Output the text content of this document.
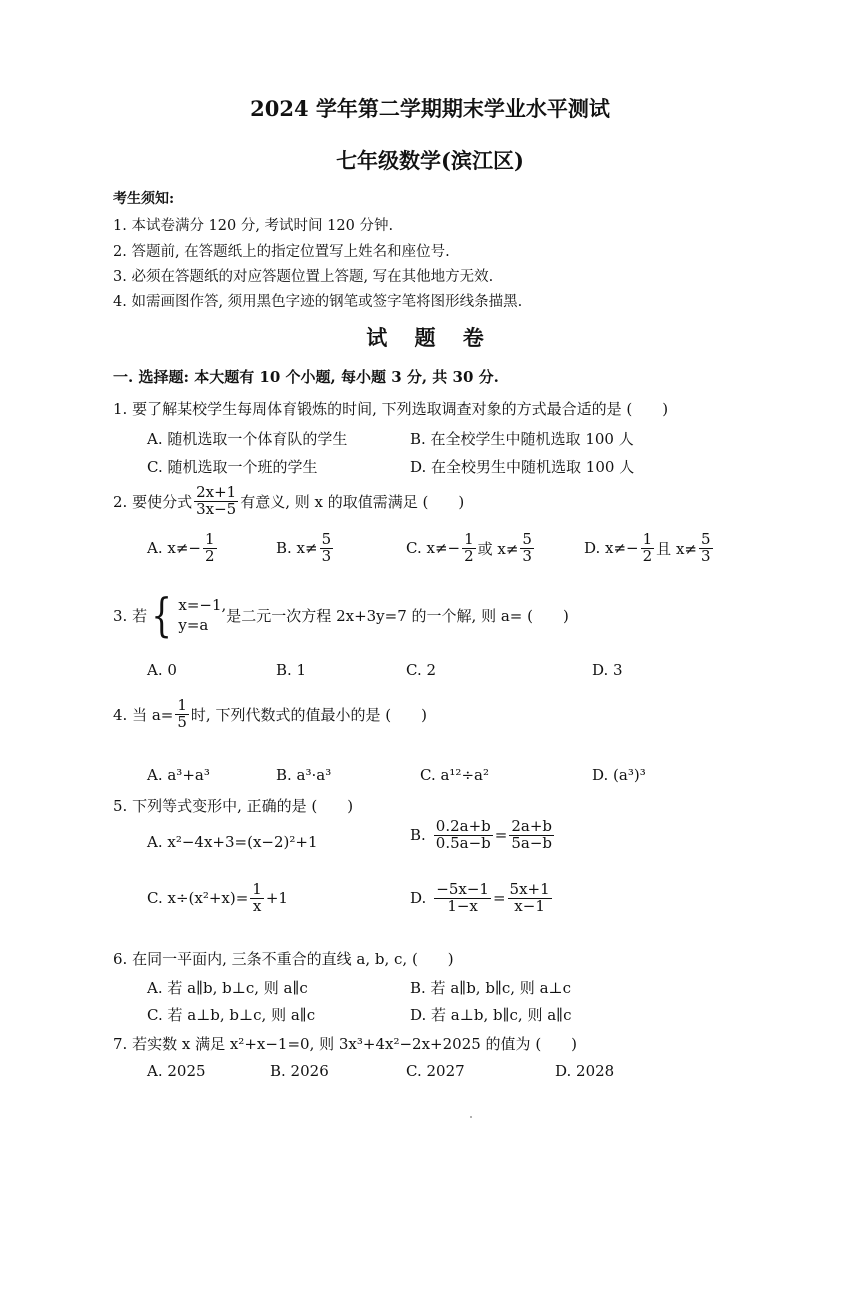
2024 学年第二学期期末学业水平测试
七年级数学(滨江区)
考生须知:
1. 本试卷满分 120 分, 考试时间 120 分钟.
2. 答题前, 在答题纸上的指定位置写上姓名和座位号.
3. 必须在答题纸的对应答题位置上答题, 写在其他地方无效.
4. 如需画图作答, 须用黑色字迹的钢笔或签字笔将图形线条描黑.
试 题 卷
一. 选择题: 本大题有 10 个小题, 每小题 3 分, 共 30 分.
1. 要了解某校学生每周体育锻炼的时间, 下列选取调查对象的方式最合适的是 (　　)
A. 随机选取一个体育队的学生	B. 在全校学生中随机选取 100 人
C. 随机选取一个班的学生	D. 在全校男生中随机选取 100 人
2. 要使分式 $\frac{2x+1}{3x-5}$ 有意义, 则 x 的取值需满足 (　　)
A. $x\ne- \frac{1}{2}$	B. $x\ne \frac{5}{3}$	C. $x\ne- \frac{1}{2}$ 或 $x\ne \frac{5}{3}$	D. $x\ne- \frac{1}{2}$ 且 $x\ne \frac{5}{3}$
3. 若 { x=−1,
y=a
是二元一次方程 2x+3y=7 的一个解, 则 a= (　　)
A. 0	B. 1	C. 2	D. 3
4. 当 $a= \frac{1}{5}$ 时, 下列代数式的值最小的是 (　　)
A. a³+a³	B. a³·a³	C. a¹²÷a²	D. (a³)³
5. 下列等式变形中, 正确的是 (　　)
A. x²−4x+3=(x−2)²+1	B. $\frac{0.2a+b}{0.5a-b} = \frac{2a+b}{5a-b}$
C. $x\div(x^2+x)= \frac{1}{x} +1$	D. $\frac{-5x-1}{1-x} = \frac{5x+1}{x-1}$
6. 在同一平面内, 三条不重合的直线 a, b, c, (　　)
A. 若 a∥b, b⊥c, 则 a∥c	B. 若 a∥b, b∥c, 则 a⊥c
C. 若 a⊥b, b⊥c, 则 a∥c	D. 若 a⊥b, b∥c, 则 a∥c
7. 若实数 x 满足 x²+x−1=0, 则 3x³+4x²−2x+2025 的值为 (　　)
A. 2025	B. 2026	C. 2027	D. 2028
